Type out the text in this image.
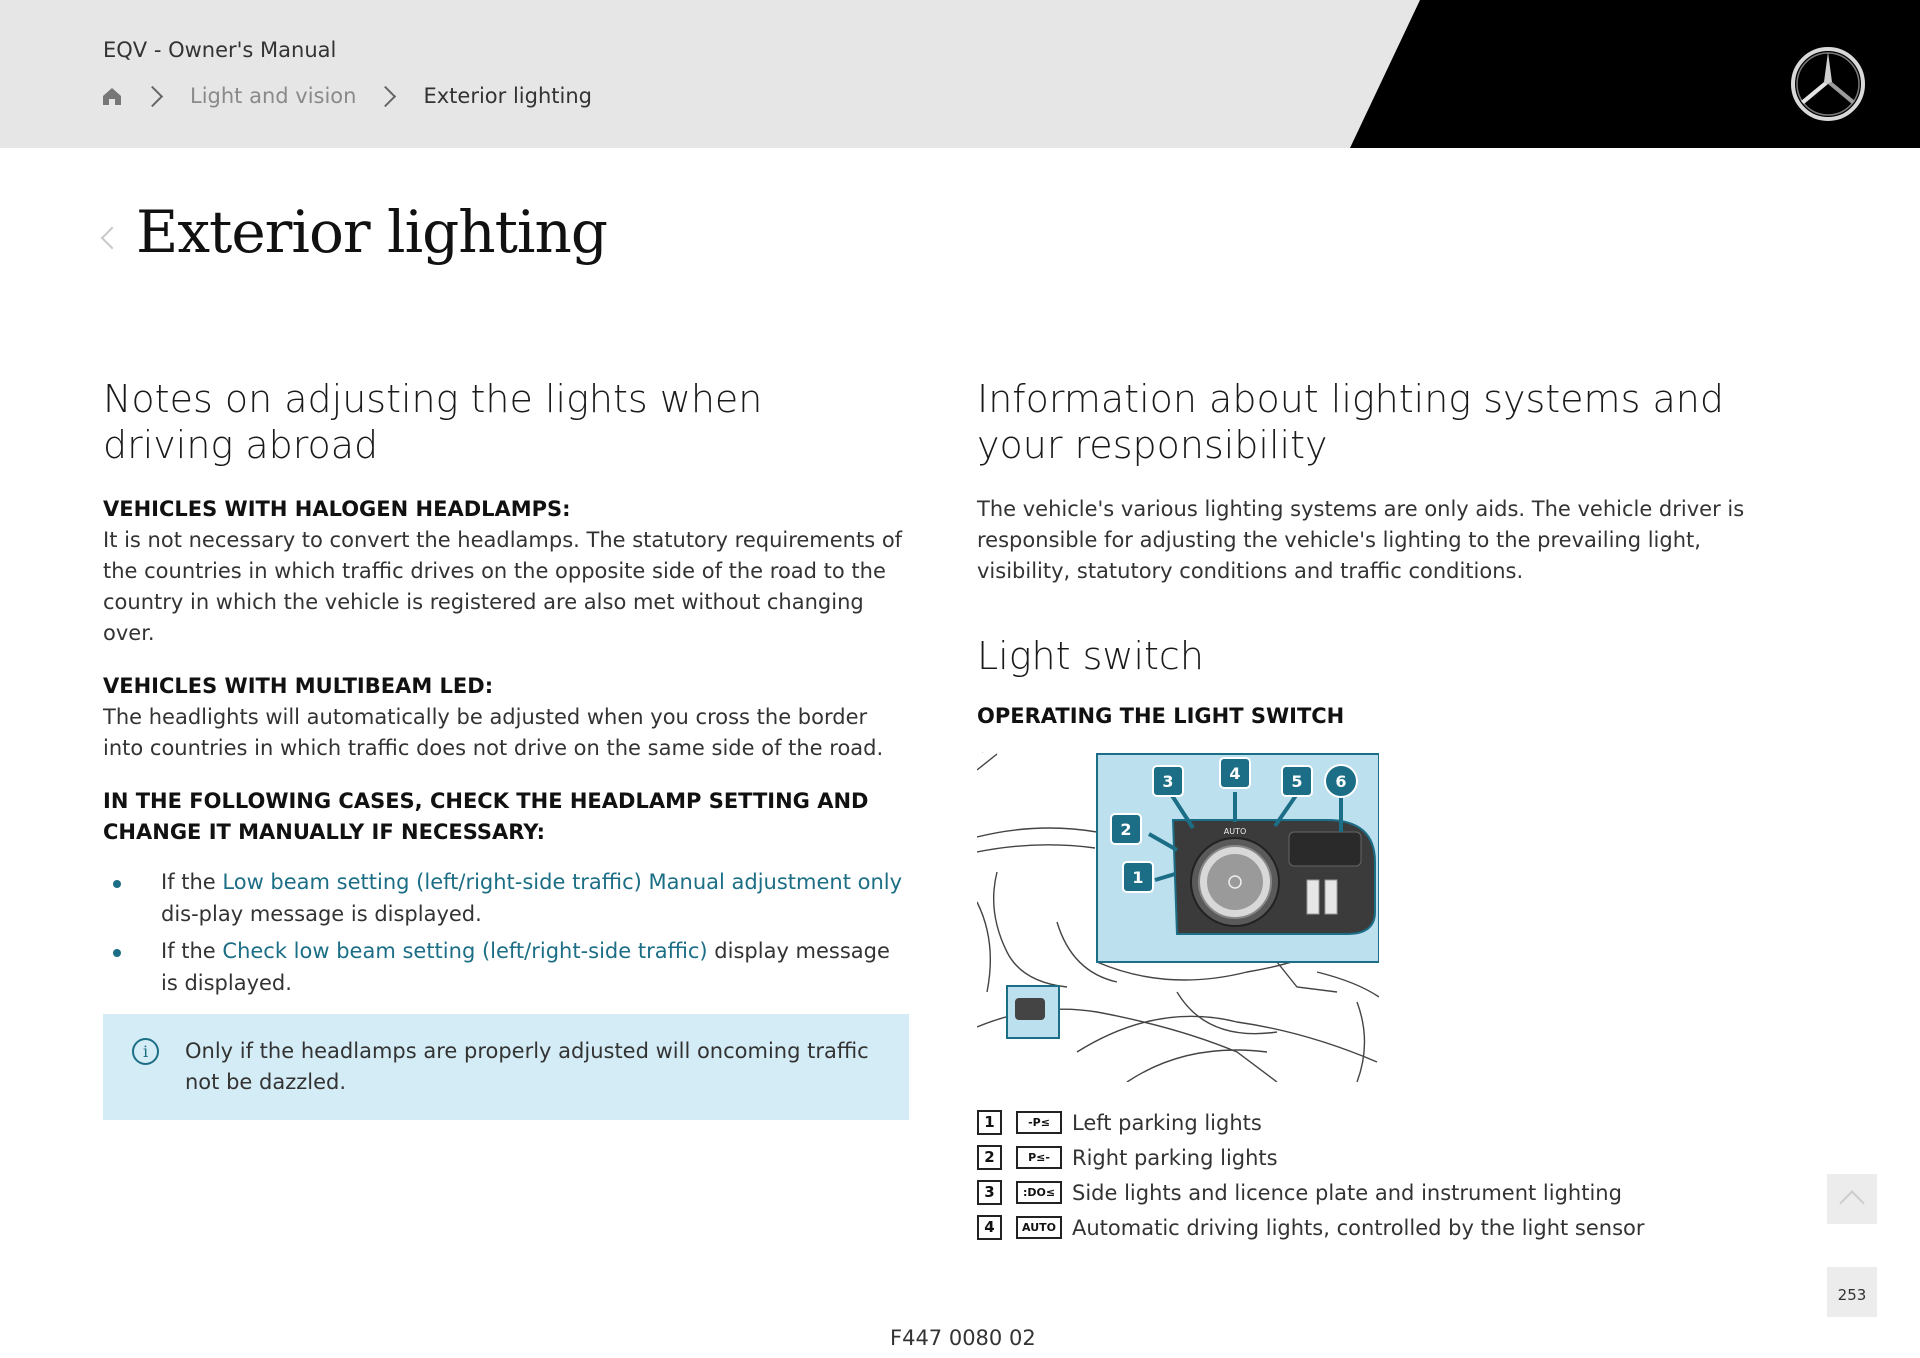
EQV - Owner's Manual
Light and vision	Exterior lighting
Exterior lighting
Notes on adjusting the lights when driving abroad
VEHICLES WITH HALOGEN HEADLAMPS:

It is not necessary to convert the headlamps. The statutory requirements of the countries in which traffic drives on the opposite side of the road to the country in which the vehicle is registered are also met without changing over.

VEHICLES WITH MULTIBEAM LED:

The headlights will automatically be adjusted when you cross the border into countries in which traffic does not drive on the same side of the road.

IN THE FOLLOWING CASES, CHECK THE HEADLAMP SETTING AND CHANGE IT MANUALLY IF NECESSARY:
If the Low beam setting (left/right-side traffic) Manual adjustment only dis-play message is displayed.
If the Check low beam setting (left/right-side traffic) display message is displayed.
i	Only if the headlamps are properly adjusted will oncoming traffic not be dazzled.
Information about lighting systems and your responsibility

The vehicle's various lighting systems are only aids. The vehicle driver is responsible for adjusting the vehicle's lighting to the prevailing light, visibility, statutory conditions and traffic conditions.

Light switch
OPERATING THE LIGHT SWITCH
AUTO
1
2
3	4	5 6
1	-P≤	Left parking lights
2	P≤-	Right parking lights
3	:DO≤ Side lights and licence plate and instrument lighting
4	AUTO Automatic driving lights, controlled by the light sensor
253
F447 0080 02
